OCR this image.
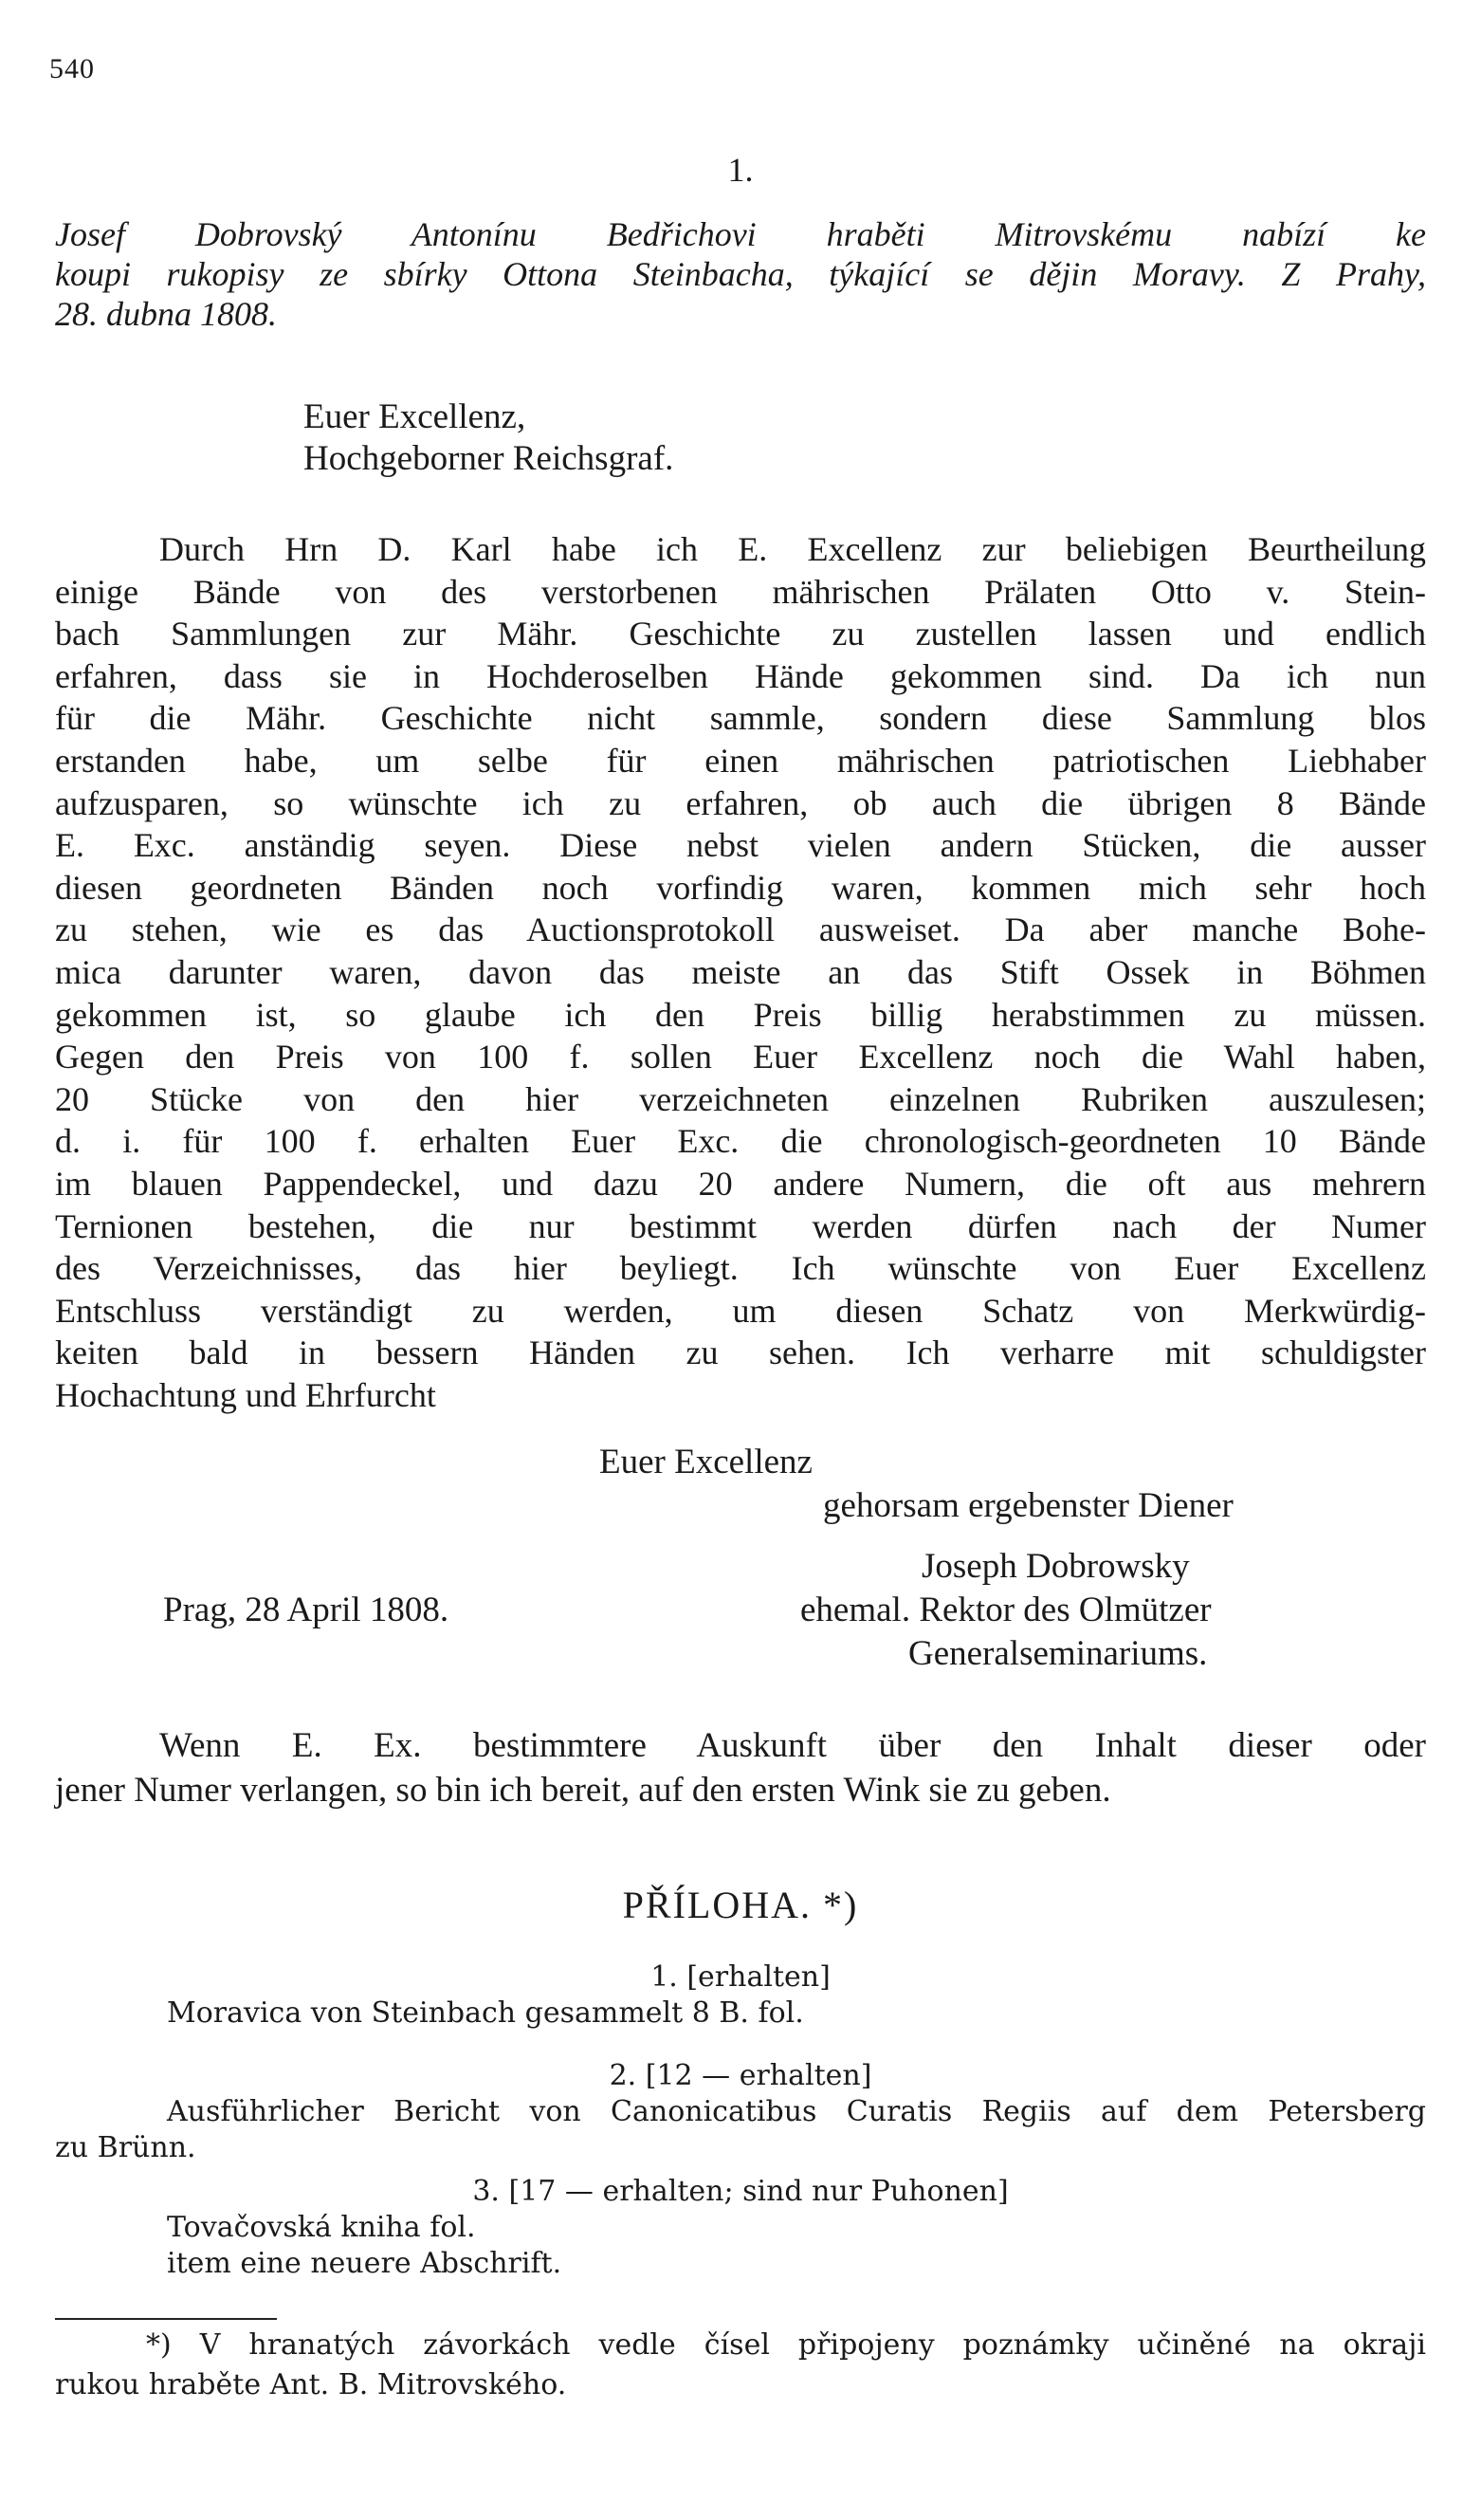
540
1.
Josef Dobrovský Antonínu Bedřichovi hraběti Mitrovskému nabízí ke
koupi rukopisy ze sbírky Ottona Steinbacha, týkající se dějin Moravy. Z Prahy,
28. dubna 1808.
Euer Excellenz,
Hochgeborner Reichsgraf.
Durch Hrn D. Karl habe ich E. Excellenz zur beliebigen Beurtheilung
einige Bände von des verstorbenen mährischen Prälaten Otto v. Stein-
bach Sammlungen zur Mähr. Geschichte zu zustellen lassen und endlich
erfahren, dass sie in Hochderoselben Hände gekommen sind. Da ich nun
für die Mähr. Geschichte nicht sammle, sondern diese Sammlung blos
erstanden habe, um selbe für einen mährischen patriotischen Liebhaber
aufzusparen, so wünschte ich zu erfahren, ob auch die übrigen 8 Bände
E. Exc. anständig seyen. Diese nebst vielen andern Stücken, die ausser
diesen geordneten Bänden noch vorfindig waren, kommen mich sehr hoch
zu stehen, wie es das Auctionsprotokoll ausweiset. Da aber manche Bohe-
mica darunter waren, davon das meiste an das Stift Ossek in Böhmen
gekommen ist, so glaube ich den Preis billig herabstimmen zu müssen.
Gegen den Preis von 100 f. sollen Euer Excellenz noch die Wahl haben,
20 Stücke von den hier verzeichneten einzelnen Rubriken auszulesen;
d. i. für 100 f. erhalten Euer Exc. die chronologisch-geordneten 10 Bände
im blauen Pappendeckel, und dazu 20 andere Numern, die oft aus mehrern
Ternionen bestehen, die nur bestimmt werden dürfen nach der Numer
des Verzeichnisses, das hier beyliegt. Ich wünschte von Euer Excellenz
Entschluss verständigt zu werden, um diesen Schatz von Merkwürdig-
keiten bald in bessern Händen zu sehen. Ich verharre mit schuldigster
Hochachtung und Ehrfurcht
Euer Excellenz
gehorsam ergebenster Diener
Joseph Dobrowsky
Prag, 28 April 1808.	ehemal. Rektor des Olmützer
Generalseminariums.
Wenn E. Ex. bestimmtere Auskunft über den Inhalt dieser oder
jener Numer verlangen, so bin ich bereit, auf den ersten Wink sie zu geben.
PŘÍLOHA. *)
1. [erhalten]
Moravica von Steinbach gesammelt 8 B. fol.
2. [12 — erhalten]
Ausführlicher Bericht von Canonicatibus Curatis Regiis auf dem Petersberg
zu Brünn.
3. [17 — erhalten; sind nur Puhonen]
Tovačovská kniha fol.
item eine neuere Abschrift.
*) V hranatých závorkách vedle čísel připojeny poznámky učiněné na okraji
rukou hraběte Ant. B. Mitrovského.
